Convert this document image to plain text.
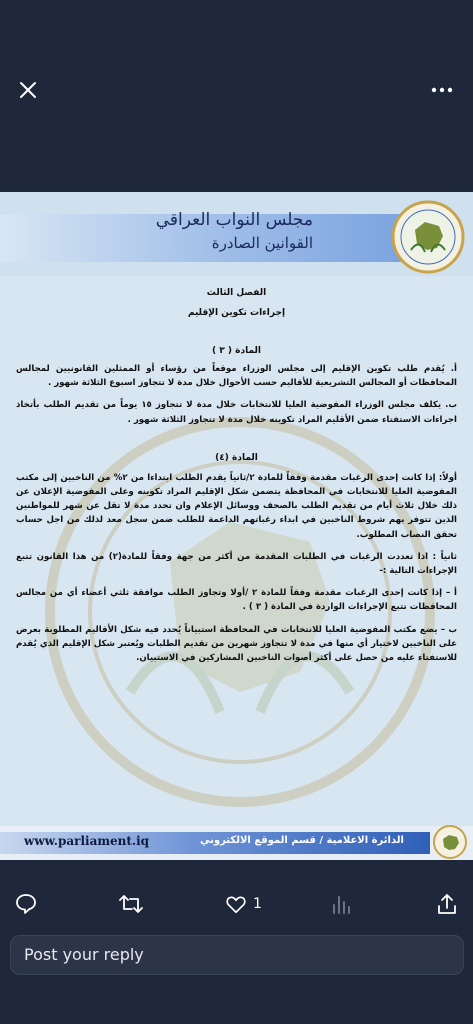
مجلس النواب العراقي
القوانين الصادرة
الفصل الثالث
إجراءات تكوين الإقليم
المادة ( ٣ )
أ. يُقدم طلب تكوين الإقليم إلى مجلس الوزراء موقعاً من رؤساء أو الممثلين القانونيين لمجالس المحافظات أو المجالس التشريعية للأقاليم حسب الأحوال خلال مدة لا تتجاوز اسبوع الثلاثة شهور .
ب. يكلف مجلس الوزراء المفوضية العليا للانتخابات خلال مدة لا تتجاوز ١٥ يوماً من تقديم الطلب بأتخاذ اجراءات الاستفتاء ضمن الأقليم المراد تكوينه خلال مدة لا تتجاوز الثلاثة شهور .
المادة (٤)
أولاً: إذا كانت إحدى الرغبات مقدمة وفقاً للمادة ٢/ثانياً يقدم الطلب ابتداءا من ٢% من الناخبين إلى مكتب المفوضية العليا للانتخابات في المحافظة يتضمن شكل الإقليم المراد تكوينه وعلى المفوضية الإعلان عن ذلك خلال ثلاث أيام من تقديم الطلب بالصحف ووسائل الإعلام وان تحدد مدة لا تقل عن شهر للمواطنين الذين تتوفر بهم شروط الناخبين في ابداء رغباتهم الداعمة للطلب ضمن سجل معد لذلك من اجل حساب تحقق النصاب المطلوب.
ثانياً : اذا تعددت الرغبات في الطلبات المقدمة من أكثر من جهة وفقاً للمادة(٢) من هذا القانون تتبع الإجراءات التالية :-
أ – إذا كانت إحدى الرغبات مقدمة وفقاً للمادة ٢ /أولا وتجاوز الطلب موافقة ثلثي أعضاء أي من مجالس المحافظات تتبع الإجراءات الواردة في المادة ( ٣ ) .
ب – يضع مكتب المفوضية العليا للانتخابات في المحافظة استبياناً يُحدد فيه شكل الأقاليم المطلوبة بعرض على الناخبين لاختيار أي منها في مدة لا تتجاوز شهرين من تقديم الطلبات ويُعتبر شكل الإقليم الذي يُقدم للاستفتاء عليه من حصل على أكثر أصوات الناخبين المشاركين في الاستبيان.
www.parliament.iq	الدائرة الاعلامية / قسم الموقع الالكتروني
1
Post your reply
